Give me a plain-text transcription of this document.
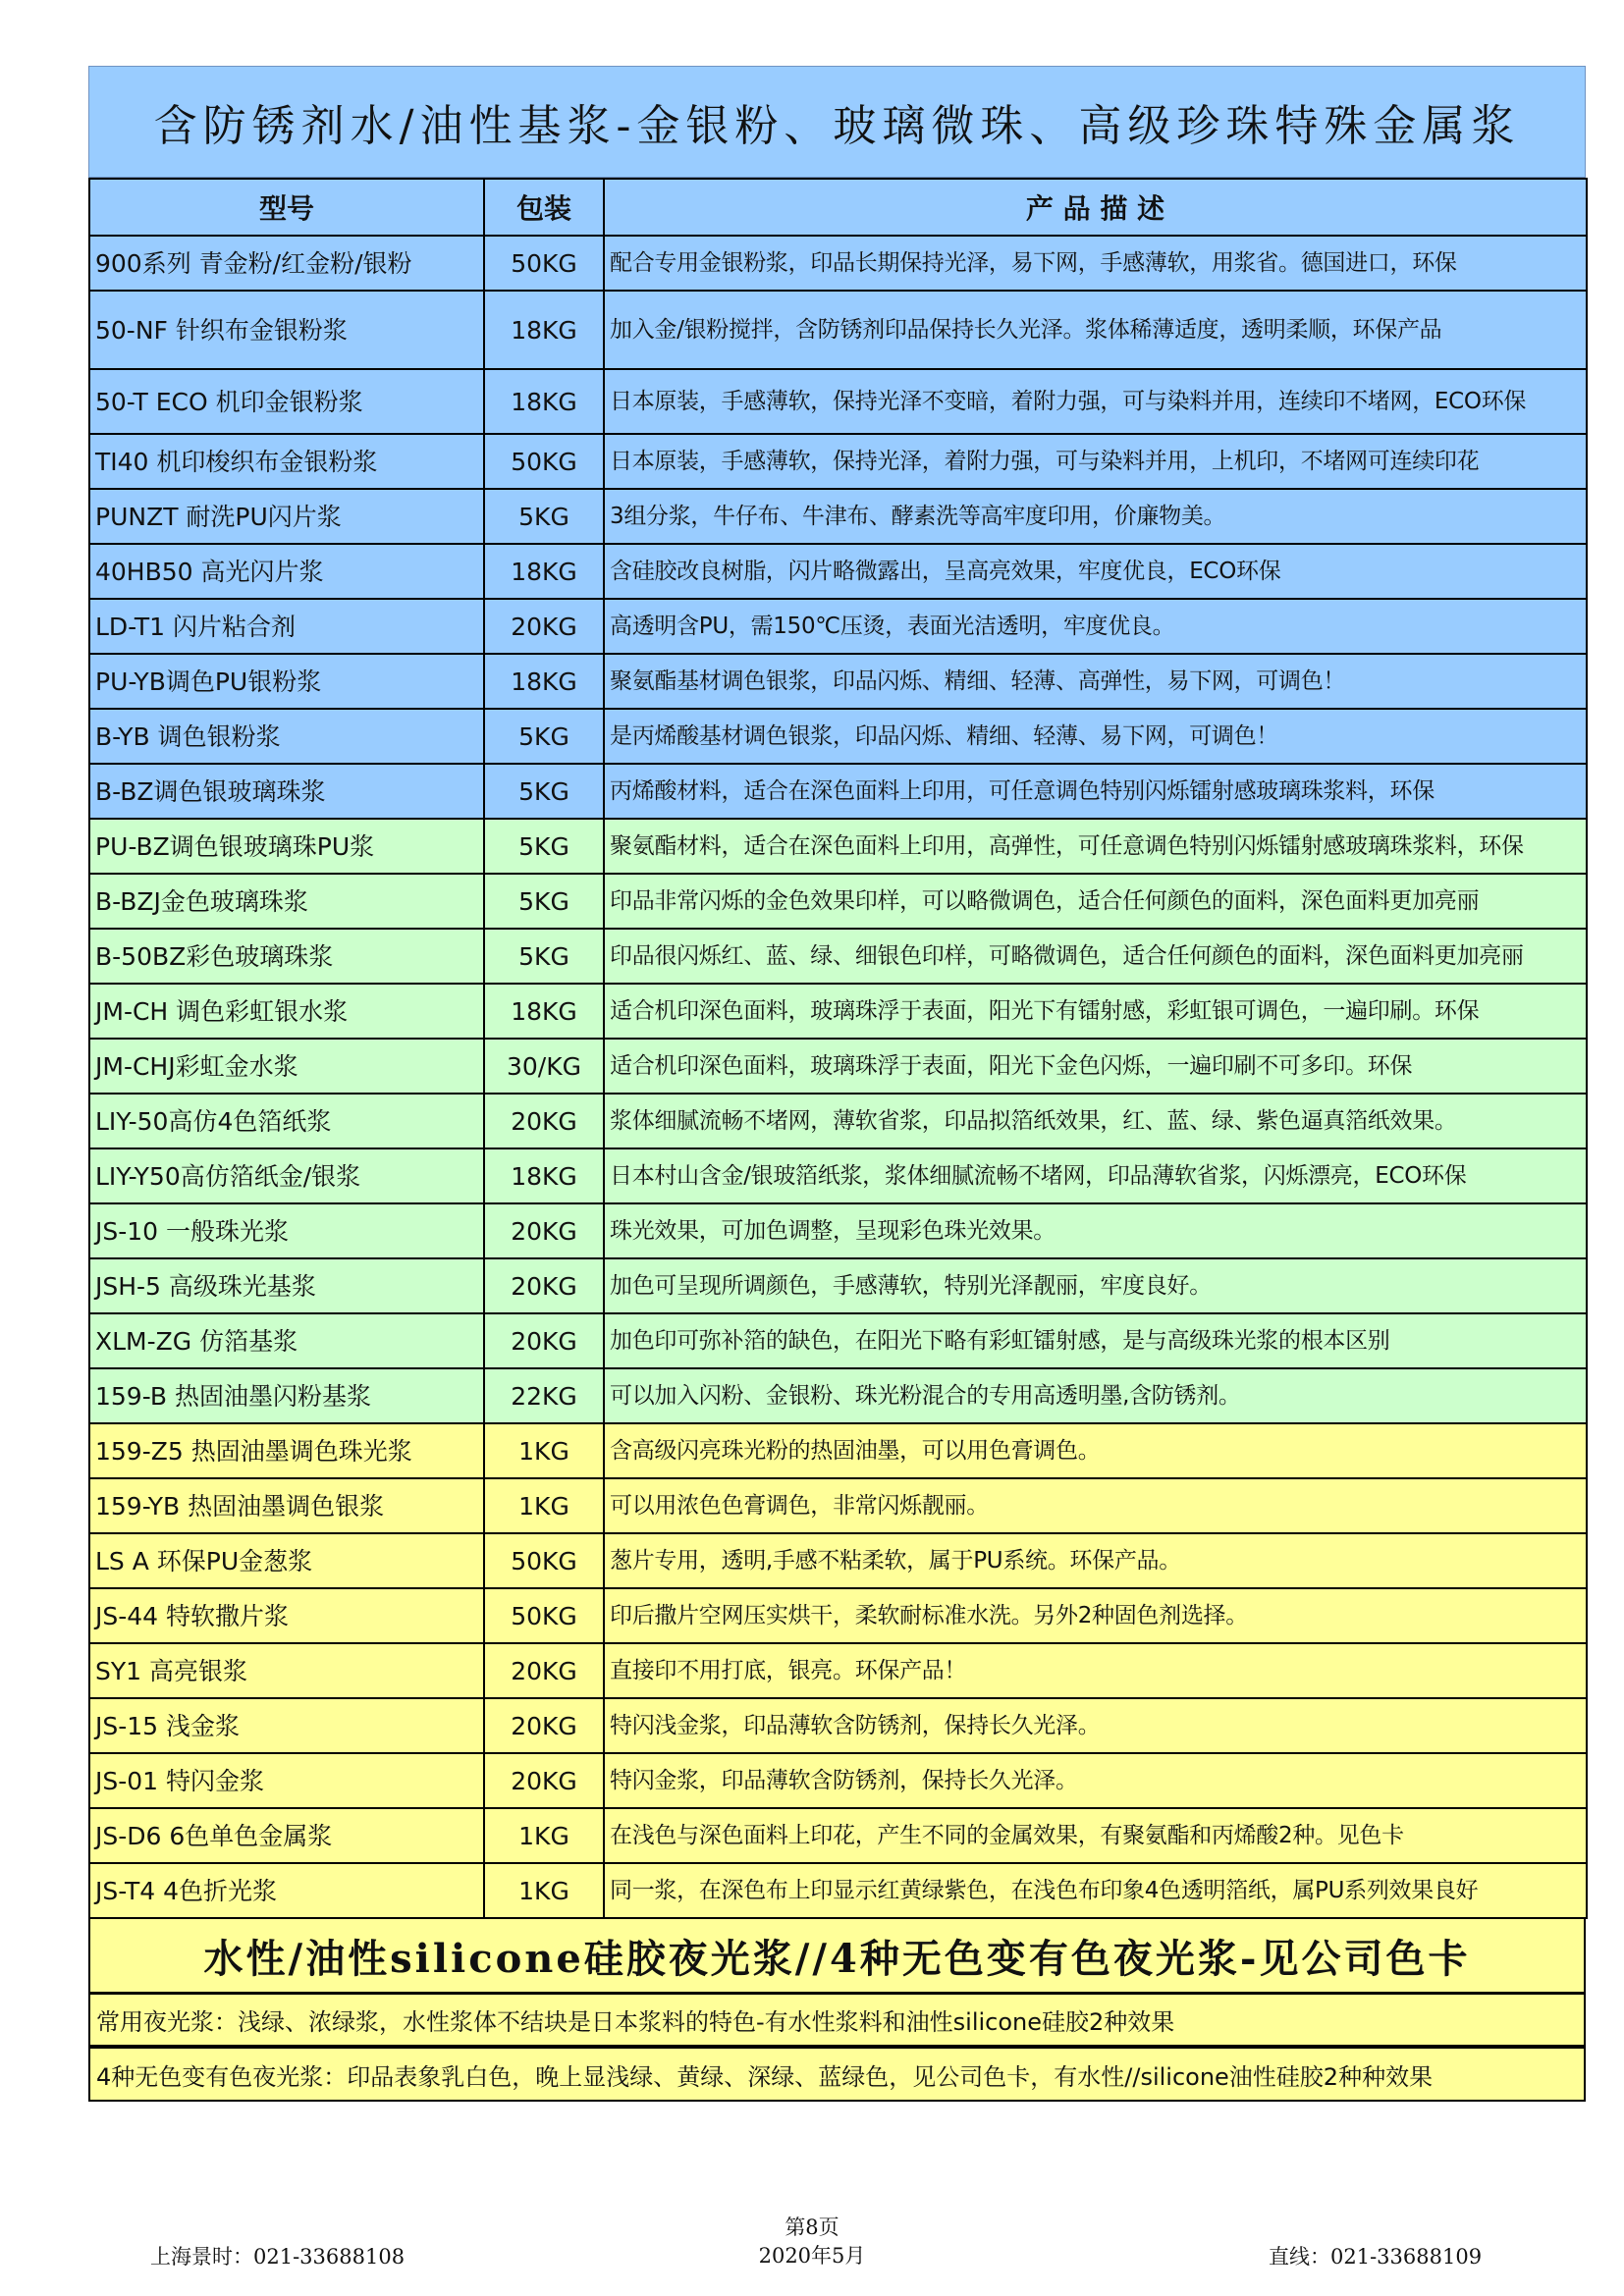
含防锈剂水/油性基浆-金银粉、玻璃微珠、高级珍珠特殊金属浆
型号	包装	产 品 描 述
900系列 青金粉/红金粉/银粉	50KG	配合专用金银粉浆，印品长期保持光泽，易下网，手感薄软，用浆省。德国进口，环保
50-NF 针织布金银粉浆	18KG	加入金/银粉搅拌，含防锈剂印品保持长久光泽。浆体稀薄适度，透明柔顺，环保产品
50-T ECO 机印金银粉浆	18KG	日本原装，手感薄软，保持光泽不变暗，着附力强，可与染料并用，连续印不堵网，ECO环保
TI40 机印梭织布金银粉浆	50KG	日本原装，手感薄软，保持光泽，着附力强，可与染料并用，上机印，不堵网可连续印花
PUNZT 耐洗PU闪片浆	5KG	3组分浆，牛仔布、牛津布、酵素洗等高牢度印用，价廉物美。
40HB50 高光闪片浆	18KG	含硅胶改良树脂，闪片略微露出，呈高亮效果，牢度优良，ECO环保
LD-T1 闪片粘合剂	20KG	高透明含PU，需150℃压烫，表面光洁透明，牢度优良。
PU-YB调色PU银粉浆	18KG	聚氨酯基材调色银浆，印品闪烁、精细、轻薄、高弹性，易下网，可调色！
B-YB 调色银粉浆	5KG	是丙烯酸基材调色银浆，印品闪烁、精细、轻薄、易下网，可调色！
B-BZ调色银玻璃珠浆	5KG	丙烯酸材料，适合在深色面料上印用，可任意调色特别闪烁镭射感玻璃珠浆料，环保
PU-BZ调色银玻璃珠PU浆	5KG	聚氨酯材料，适合在深色面料上印用，高弹性，可任意调色特别闪烁镭射感玻璃珠浆料，环保
B-BZJ金色玻璃珠浆	5KG	印品非常闪烁的金色效果印样，可以略微调色，适合任何颜色的面料，深色面料更加亮丽
B-50BZ彩色玻璃珠浆	5KG	印品很闪烁红、蓝、绿、细银色印样，可略微调色，适合任何颜色的面料，深色面料更加亮丽
JM-CH 调色彩虹银水浆	18KG	适合机印深色面料，玻璃珠浮于表面，阳光下有镭射感，彩虹银可调色，一遍印刷。环保
JM-CHJ彩虹金水浆	30/KG	适合机印深色面料，玻璃珠浮于表面，阳光下金色闪烁，一遍印刷不可多印。环保
LIY-50高仿4色箔纸浆	20KG	浆体细腻流畅不堵网，薄软省浆，印品拟箔纸效果，红、蓝、绿、紫色逼真箔纸效果。
LIY-Y50高仿箔纸金/银浆	18KG	日本村山含金/银玻箔纸浆，浆体细腻流畅不堵网，印品薄软省浆，闪烁漂亮，ECO环保
JS-10 一般珠光浆	20KG	珠光效果，可加色调整，呈现彩色珠光效果。
JSH-5 高级珠光基浆	20KG	加色可呈现所调颜色，手感薄软，特别光泽靓丽，牢度良好。
XLM-ZG 仿箔基浆	20KG	加色印可弥补箔的缺色，在阳光下略有彩虹镭射感，是与高级珠光浆的根本区别
159-B 热固油墨闪粉基浆	22KG	可以加入闪粉、金银粉、珠光粉混合的专用高透明墨,含防锈剂。
159-Z5 热固油墨调色珠光浆	1KG	含高级闪亮珠光粉的热固油墨，可以用色膏调色。
159-YB 热固油墨调色银浆	1KG	可以用浓色色膏调色，非常闪烁靓丽。
LS A 环保PU金葱浆	50KG	葱片专用，透明,手感不粘柔软，属于PU系统。环保产品。
JS-44 特软撒片浆	50KG	印后撒片空网压实烘干，柔软耐标准水洗。另外2种固色剂选择。
SY1 高亮银浆	20KG	直接印不用打底，银亮。环保产品！
JS-15 浅金浆	20KG	特闪浅金浆，印品薄软含防锈剂，保持长久光泽。
JS-01 特闪金浆	20KG	特闪金浆，印品薄软含防锈剂，保持长久光泽。
JS-D6 6色单色金属浆	1KG	在浅色与深色面料上印花，产生不同的金属效果，有聚氨酯和丙烯酸2种。见色卡
JS-T4 4色折光浆	1KG	同一浆，在深色布上印显示红黄绿紫色，在浅色布印象4色透明箔纸，属PU系列效果良好
水性/油性silicone硅胶夜光浆//4种无色变有色夜光浆-见公司色卡
常用夜光浆：浅绿、浓绿浆，水性浆体不结块是日本浆料的特色-有水性浆料和油性silicone硅胶2种效果
4种无色变有色夜光浆：印品表象乳白色，晚上显浅绿、黄绿、深绿、蓝绿色，见公司色卡，有水性//silicone油性硅胶2种种效果
第8页
2020年5月
上海景时：021-33688108	直线：021-33688109
